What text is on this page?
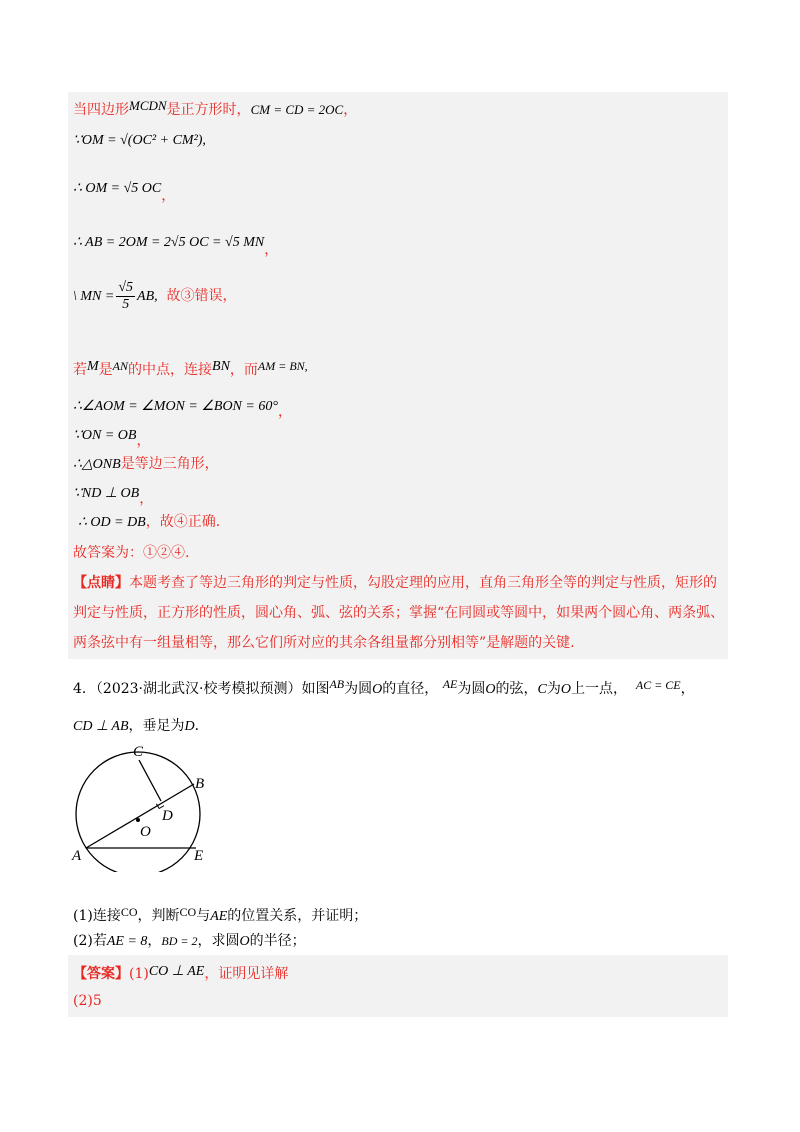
当四边形MCDN是正方形时，CM = CD = 2OC，
∵OM = √(OC² + CM²),
∴ OM = √5 OC，
∴ AB = 2OM = 2√5 OC = √5 MN，
\ MN = $\frac{√5}{5}$ AB, 故③错误，
若M是AN的中点，连接BN，而AM = BN,
∴∠AOM = ∠MON = ∠BON = 60°，
∵ON = OB，
∴△ONB是等边三角形，
∵ND ⊥ OB，
∴ OD = DB，故④正确．
故答案为：①②④.
【点睛】本题考查了等边三角形的判定与性质，勾股定理的应用，直角三角形全等的判定与性质，矩形的判定与性质，正方形的性质，圆心角、弧、弦的关系；掌握“在同圆或等圆中，如果两个圆心角、两条弧、两条弦中有一组量相等，那么它们所对应的其余各组量都分别相等”是解题的关键.
4．（2023·湖北武汉·校考模拟预测）如图AB为圆O的直径， AE为圆O的弦，C为O上一点， AC = CE，
CD ⊥ AB，垂足为D．
C
B
D
O
A	E
(1)连接CO，判断CO与AE的位置关系，并证明；
(2)若AE = 8，BD = 2，求圆O的半径；
【答案】(1)CO ⊥ AE，证明见详解
(2)5
